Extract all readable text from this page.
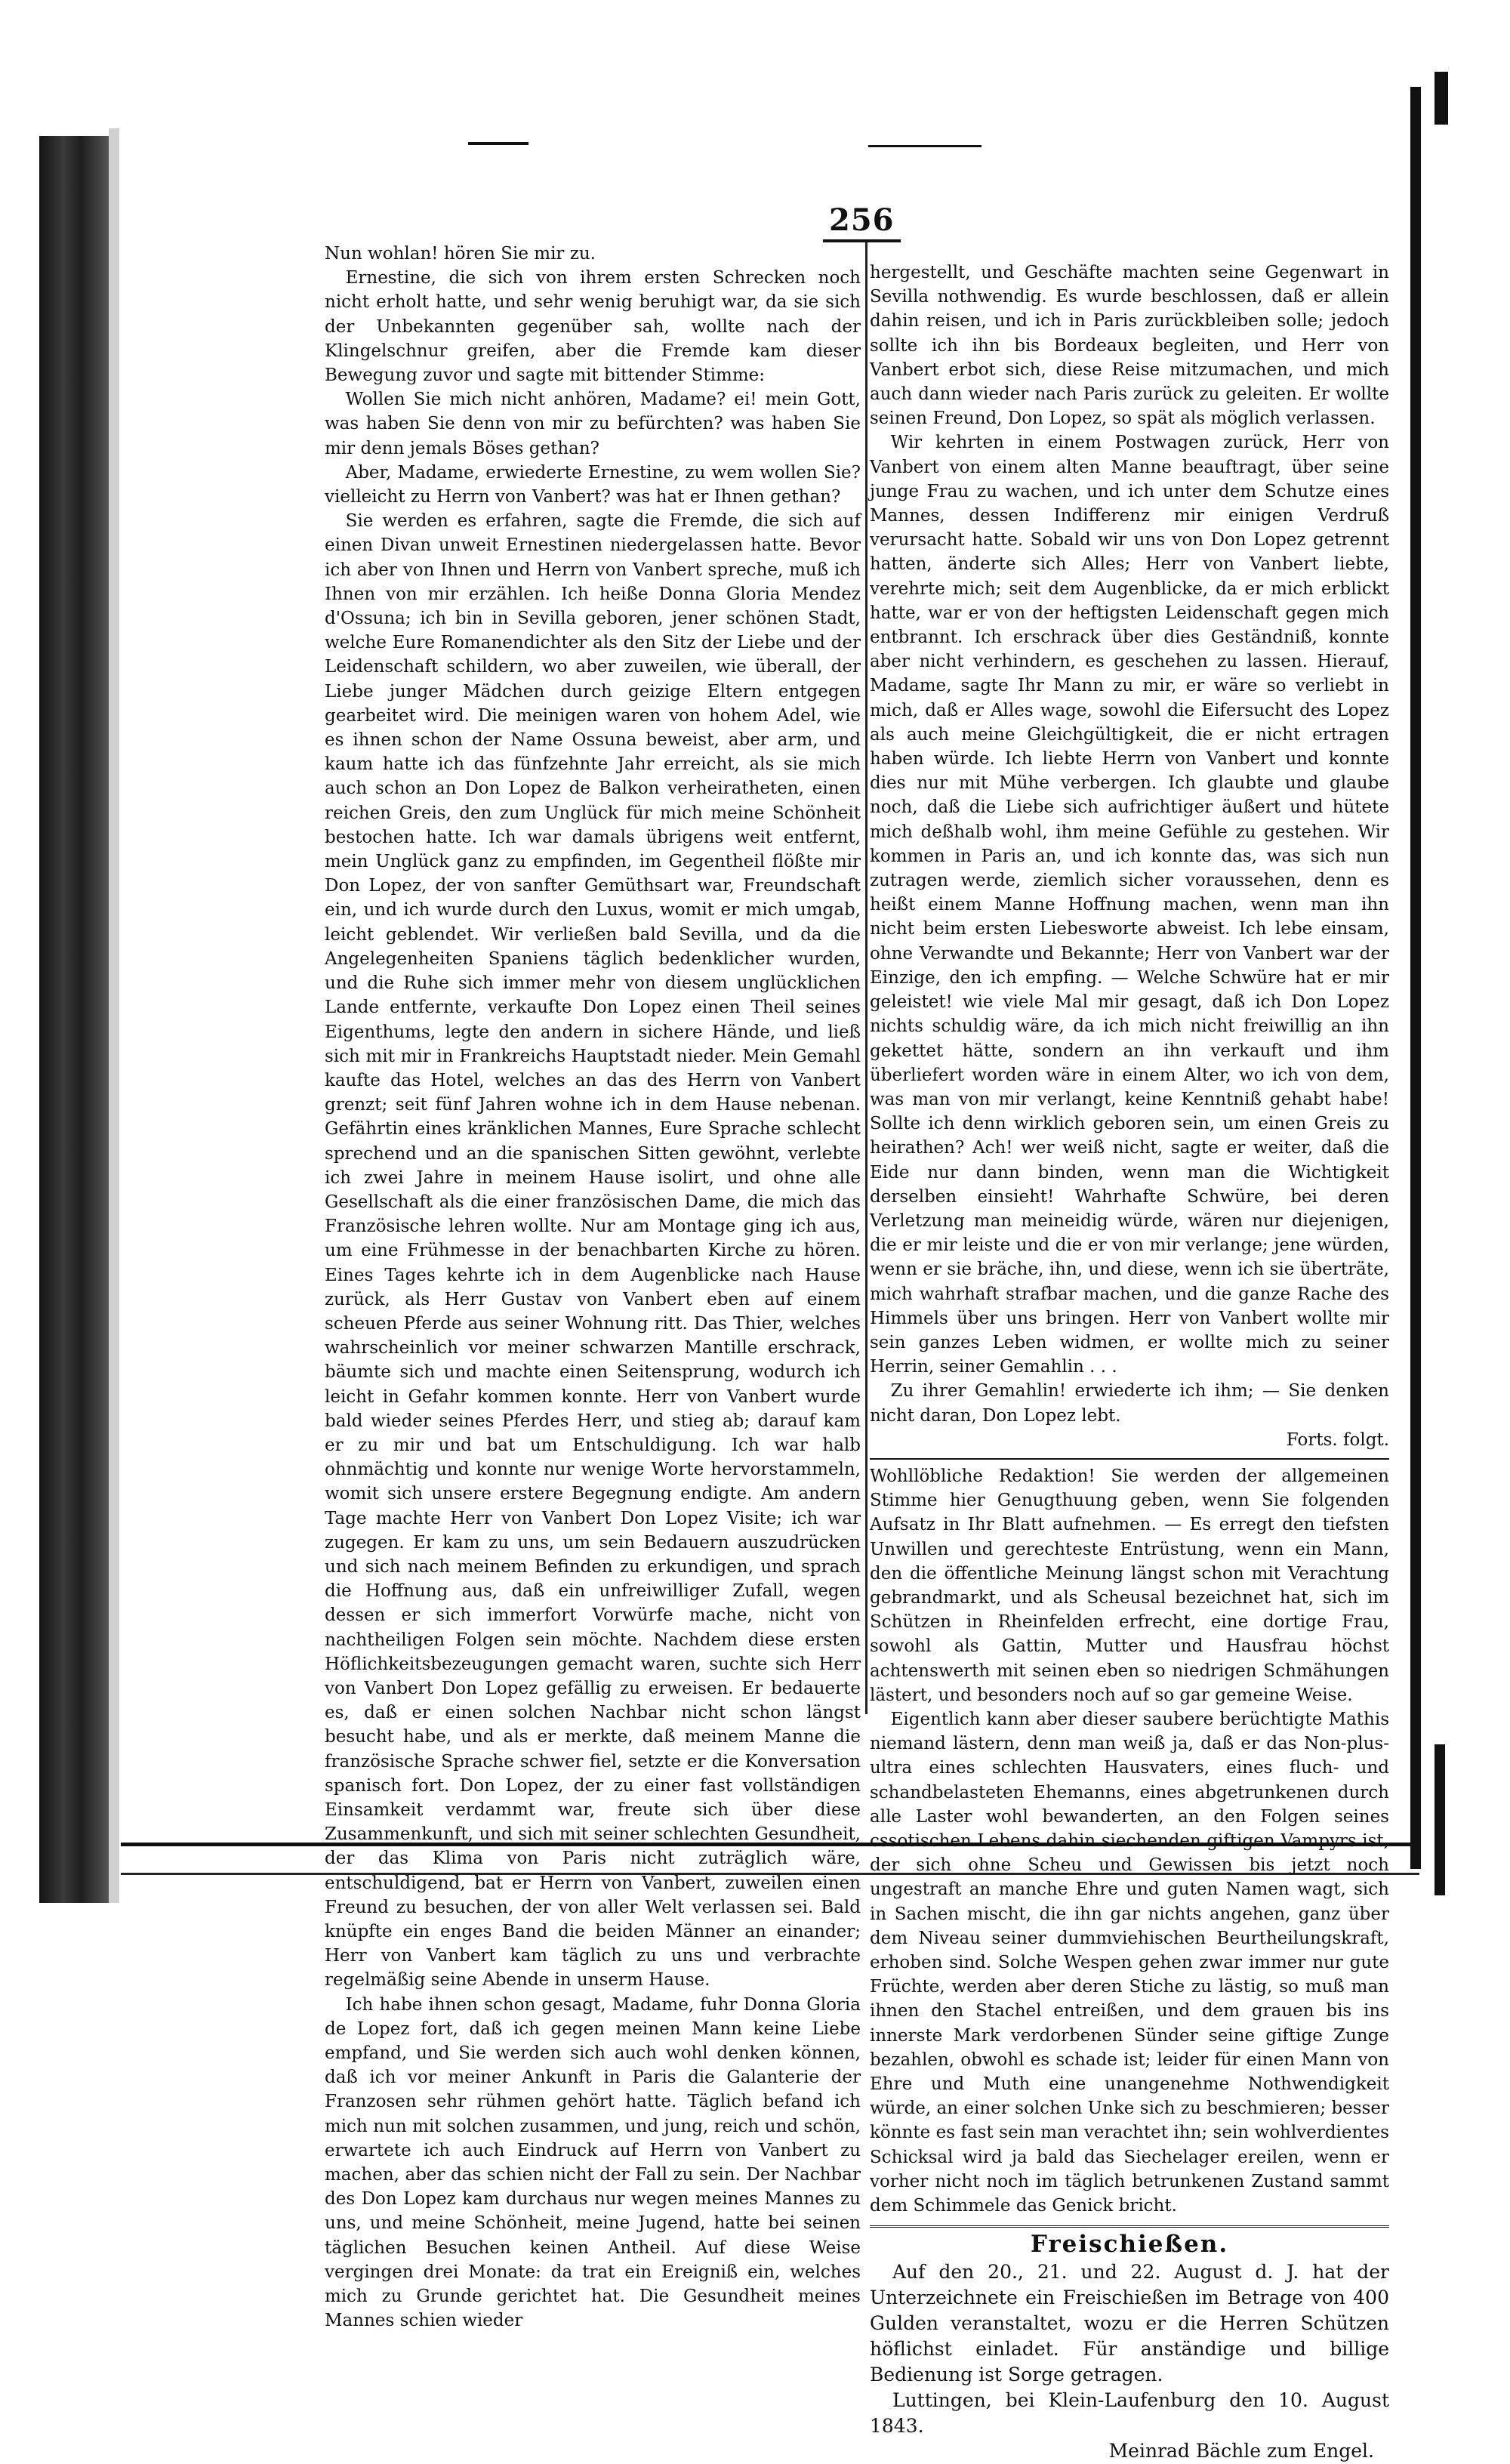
256

Nun wohlan! hören Sie mir zu.

Ernestine, die sich von ihrem ersten Schrecken noch nicht erholt hatte, und sehr wenig beruhigt war, da sie sich der Unbekannten gegenüber sah, wollte nach der Klingelschnur greifen, aber die Fremde kam dieser Bewegung zuvor und sagte mit bittender Stimme:

Wollen Sie mich nicht anhören, Madame? ei! mein Gott, was haben Sie denn von mir zu befürchten? was haben Sie mir denn jemals Böses gethan?

Aber, Madame, erwiederte Ernestine, zu wem wollen Sie? vielleicht zu Herrn von Vanbert? was hat er Ihnen gethan?

Sie werden es erfahren, sagte die Fremde, die sich auf einen Divan unweit Ernestinen niedergelassen hatte. Bevor ich aber von Ihnen und Herrn von Vanbert spreche, muß ich Ihnen von mir erzählen. Ich heiße Donna Gloria Mendez d'Ossuna; ich bin in Sevilla geboren, jener schönen Stadt, welche Eure Romanendichter als den Sitz der Liebe und der Leidenschaft schildern, wo aber zuweilen, wie überall, der Liebe junger Mädchen durch geizige Eltern entgegen gearbeitet wird. Die meinigen waren von hohem Adel, wie es ihnen schon der Name Ossuna beweist, aber arm, und kaum hatte ich das fünfzehnte Jahr erreicht, als sie mich auch schon an Don Lopez de Balkon verheiratheten, einen reichen Greis, den zum Unglück für mich meine Schönheit bestochen hatte. Ich war damals übrigens weit entfernt, mein Unglück ganz zu empfinden, im Gegentheil flößte mir Don Lopez, der von sanfter Gemüthsart war, Freundschaft ein, und ich wurde durch den Luxus, womit er mich umgab, leicht geblendet. Wir verließen bald Sevilla, und da die Angelegenheiten Spaniens täglich bedenklicher wurden, und die Ruhe sich immer mehr von diesem unglücklichen Lande entfernte, verkaufte Don Lopez einen Theil seines Eigenthums, legte den andern in sichere Hände, und ließ sich mit mir in Frankreichs Hauptstadt nieder. Mein Gemahl kaufte das Hotel, welches an das des Herrn von Vanbert grenzt; seit fünf Jahren wohne ich in dem Hause nebenan. Gefährtin eines kränklichen Mannes, Eure Sprache schlecht sprechend und an die spanischen Sitten gewöhnt, verlebte ich zwei Jahre in meinem Hause isolirt, und ohne alle Gesellschaft als die einer französischen Dame, die mich das Französische lehren wollte. Nur am Montage ging ich aus, um eine Frühmesse in der benachbarten Kirche zu hören. Eines Tages kehrte ich in dem Augenblicke nach Hause zurück, als Herr Gustav von Vanbert eben auf einem scheuen Pferde aus seiner Wohnung ritt. Das Thier, welches wahrscheinlich vor meiner schwarzen Mantille erschrack, bäumte sich und machte einen Seitensprung, wodurch ich leicht in Gefahr kommen konnte. Herr von Vanbert wurde bald wieder seines Pferdes Herr, und stieg ab; darauf kam er zu mir und bat um Entschuldigung. Ich war halb ohnmächtig und konnte nur wenige Worte hervorstammeln, womit sich unsere erstere Begegnung endigte. Am andern Tage machte Herr von Vanbert Don Lopez Visite; ich war zugegen. Er kam zu uns, um sein Bedauern auszudrücken und sich nach meinem Befinden zu erkundigen, und sprach die Hoffnung aus, daß ein unfreiwilliger Zufall, wegen dessen er sich immerfort Vorwürfe mache, nicht von nachtheiligen Folgen sein möchte. Nachdem diese ersten Höflichkeitsbezeugungen gemacht waren, suchte sich Herr von Vanbert Don Lopez gefällig zu erweisen. Er bedauerte es, daß er einen solchen Nachbar nicht schon längst besucht habe, und als er merkte, daß meinem Manne die französische Sprache schwer fiel, setzte er die Konversation spanisch fort. Don Lopez, der zu einer fast vollständigen Einsamkeit verdammt war, freute sich über diese Zusammenkunft, und sich mit seiner schlechten Gesundheit, der das Klima von Paris nicht zuträglich wäre, entschuldigend, bat er Herrn von Vanbert, zuweilen einen Freund zu besuchen, der von aller Welt verlassen sei. Bald knüpfte ein enges Band die beiden Männer an einander; Herr von Vanbert kam täglich zu uns und verbrachte regelmäßig seine Abende in unserm Hause.

Ich habe ihnen schon gesagt, Madame, fuhr Donna Gloria de Lopez fort, daß ich gegen meinen Mann keine Liebe empfand, und Sie werden sich auch wohl denken können, daß ich vor meiner Ankunft in Paris die Galanterie der Franzosen sehr rühmen gehört hatte. Täglich befand ich mich nun mit solchen zusammen, und jung, reich und schön, erwartete ich auch Eindruck auf Herrn von Vanbert zu machen, aber das schien nicht der Fall zu sein. Der Nachbar des Don Lopez kam durchaus nur wegen meines Mannes zu uns, und meine Schönheit, meine Jugend, hatte bei seinen täglichen Besuchen keinen Antheil. Auf diese Weise vergingen drei Monate: da trat ein Ereigniß ein, welches mich zu Grunde gerichtet hat. Die Gesundheit meines Mannes schien wieder

hergestellt, und Geschäfte machten seine Gegenwart in Sevilla nothwendig. Es wurde beschlossen, daß er allein dahin reisen, und ich in Paris zurückbleiben solle; jedoch sollte ich ihn bis Bordeaux begleiten, und Herr von Vanbert erbot sich, diese Reise mitzumachen, und mich auch dann wieder nach Paris zurück zu geleiten. Er wollte seinen Freund, Don Lopez, so spät als möglich verlassen.

Wir kehrten in einem Postwagen zurück, Herr von Vanbert von einem alten Manne beauftragt, über seine junge Frau zu wachen, und ich unter dem Schutze eines Mannes, dessen Indifferenz mir einigen Verdruß verursacht hatte. Sobald wir uns von Don Lopez getrennt hatten, änderte sich Alles; Herr von Vanbert liebte, verehrte mich; seit dem Augenblicke, da er mich erblickt hatte, war er von der heftigsten Leidenschaft gegen mich entbrannt. Ich erschrack über dies Geständniß, konnte aber nicht verhindern, es geschehen zu lassen. Hierauf, Madame, sagte Ihr Mann zu mir, er wäre so verliebt in mich, daß er Alles wage, sowohl die Eifersucht des Lopez als auch meine Gleichgültigkeit, die er nicht ertragen haben würde. Ich liebte Herrn von Vanbert und konnte dies nur mit Mühe verbergen. Ich glaubte und glaube noch, daß die Liebe sich aufrichtiger äußert und hütete mich deßhalb wohl, ihm meine Gefühle zu gestehen. Wir kommen in Paris an, und ich konnte das, was sich nun zutragen werde, ziemlich sicher voraussehen, denn es heißt einem Manne Hoffnung machen, wenn man ihn nicht beim ersten Liebesworte abweist. Ich lebe einsam, ohne Verwandte und Bekannte; Herr von Vanbert war der Einzige, den ich empfing. — Welche Schwüre hat er mir geleistet! wie viele Mal mir gesagt, daß ich Don Lopez nichts schuldig wäre, da ich mich nicht freiwillig an ihn gekettet hätte, sondern an ihn verkauft und ihm überliefert worden wäre in einem Alter, wo ich von dem, was man von mir verlangt, keine Kenntniß gehabt habe! Sollte ich denn wirklich geboren sein, um einen Greis zu heirathen? Ach! wer weiß nicht, sagte er weiter, daß die Eide nur dann binden, wenn man die Wichtigkeit derselben einsieht! Wahrhafte Schwüre, bei deren Verletzung man meineidig würde, wären nur diejenigen, die er mir leiste und die er von mir verlange; jene würden, wenn er sie bräche, ihn, und diese, wenn ich sie überträte, mich wahrhaft strafbar machen, und die ganze Rache des Himmels über uns bringen. Herr von Vanbert wollte mir sein ganzes Leben widmen, er wollte mich zu seiner Herrin, seiner Gemahlin . . .

Zu ihrer Gemahlin! erwiederte ich ihm; — Sie denken nicht daran, Don Lopez lebt.

Forts. folgt.

Wohllöbliche Redaktion! Sie werden der allgemeinen Stimme hier Genugthuung geben, wenn Sie folgenden Aufsatz in Ihr Blatt aufnehmen. — Es erregt den tiefsten Unwillen und gerechteste Entrüstung, wenn ein Mann, den die öffentliche Meinung längst schon mit Verachtung gebrandmarkt, und als Scheusal bezeichnet hat, sich im Schützen in Rheinfelden erfrecht, eine dortige Frau, sowohl als Gattin, Mutter und Hausfrau höchst achtenswerth mit seinen eben so niedrigen Schmähungen lästert, und besonders noch auf so gar gemeine Weise.

Eigentlich kann aber dieser saubere berüchtigte Mathis niemand lästern, denn man weiß ja, daß er das Non-plus-ultra eines schlechten Hausvaters, eines fluch- und schandbelasteten Ehemanns, eines abgetrunkenen durch alle Laster wohl bewanderten, an den Folgen seines cssotischen Lebens dahin siechenden giftigen Vampyrs ist, der sich ohne Scheu und Gewissen bis jetzt noch ungestraft an manche Ehre und guten Namen wagt, sich in Sachen mischt, die ihn gar nichts angehen, ganz über dem Niveau seiner dummviehischen Beurtheilungskraft, erhoben sind. Solche Wespen gehen zwar immer nur gute Früchte, werden aber deren Stiche zu lästig, so muß man ihnen den Stachel entreißen, und dem grauen bis ins innerste Mark verdorbenen Sünder seine giftige Zunge bezahlen, obwohl es schade ist; leider für einen Mann von Ehre und Muth eine unangenehme Nothwendigkeit würde, an einer solchen Unke sich zu beschmieren; besser könnte es fast sein man verachtet ihn; sein wohlverdientes Schicksal wird ja bald das Siechelager ereilen, wenn er vorher nicht noch im täglich betrunkenen Zustand sammt dem Schimmele das Genick bricht.

Freischießen.

Auf den 20., 21. und 22. August d. J. hat der Unterzeichnete ein Freischießen im Betrage von 400 Gulden veranstaltet, wozu er die Herren Schützen höflichst einladet. Für anständige und billige Bedienung ist Sorge getragen.

Luttingen, bei Klein-Laufenburg den 10. August 1843.

Meinrad Bächle zum Engel.
